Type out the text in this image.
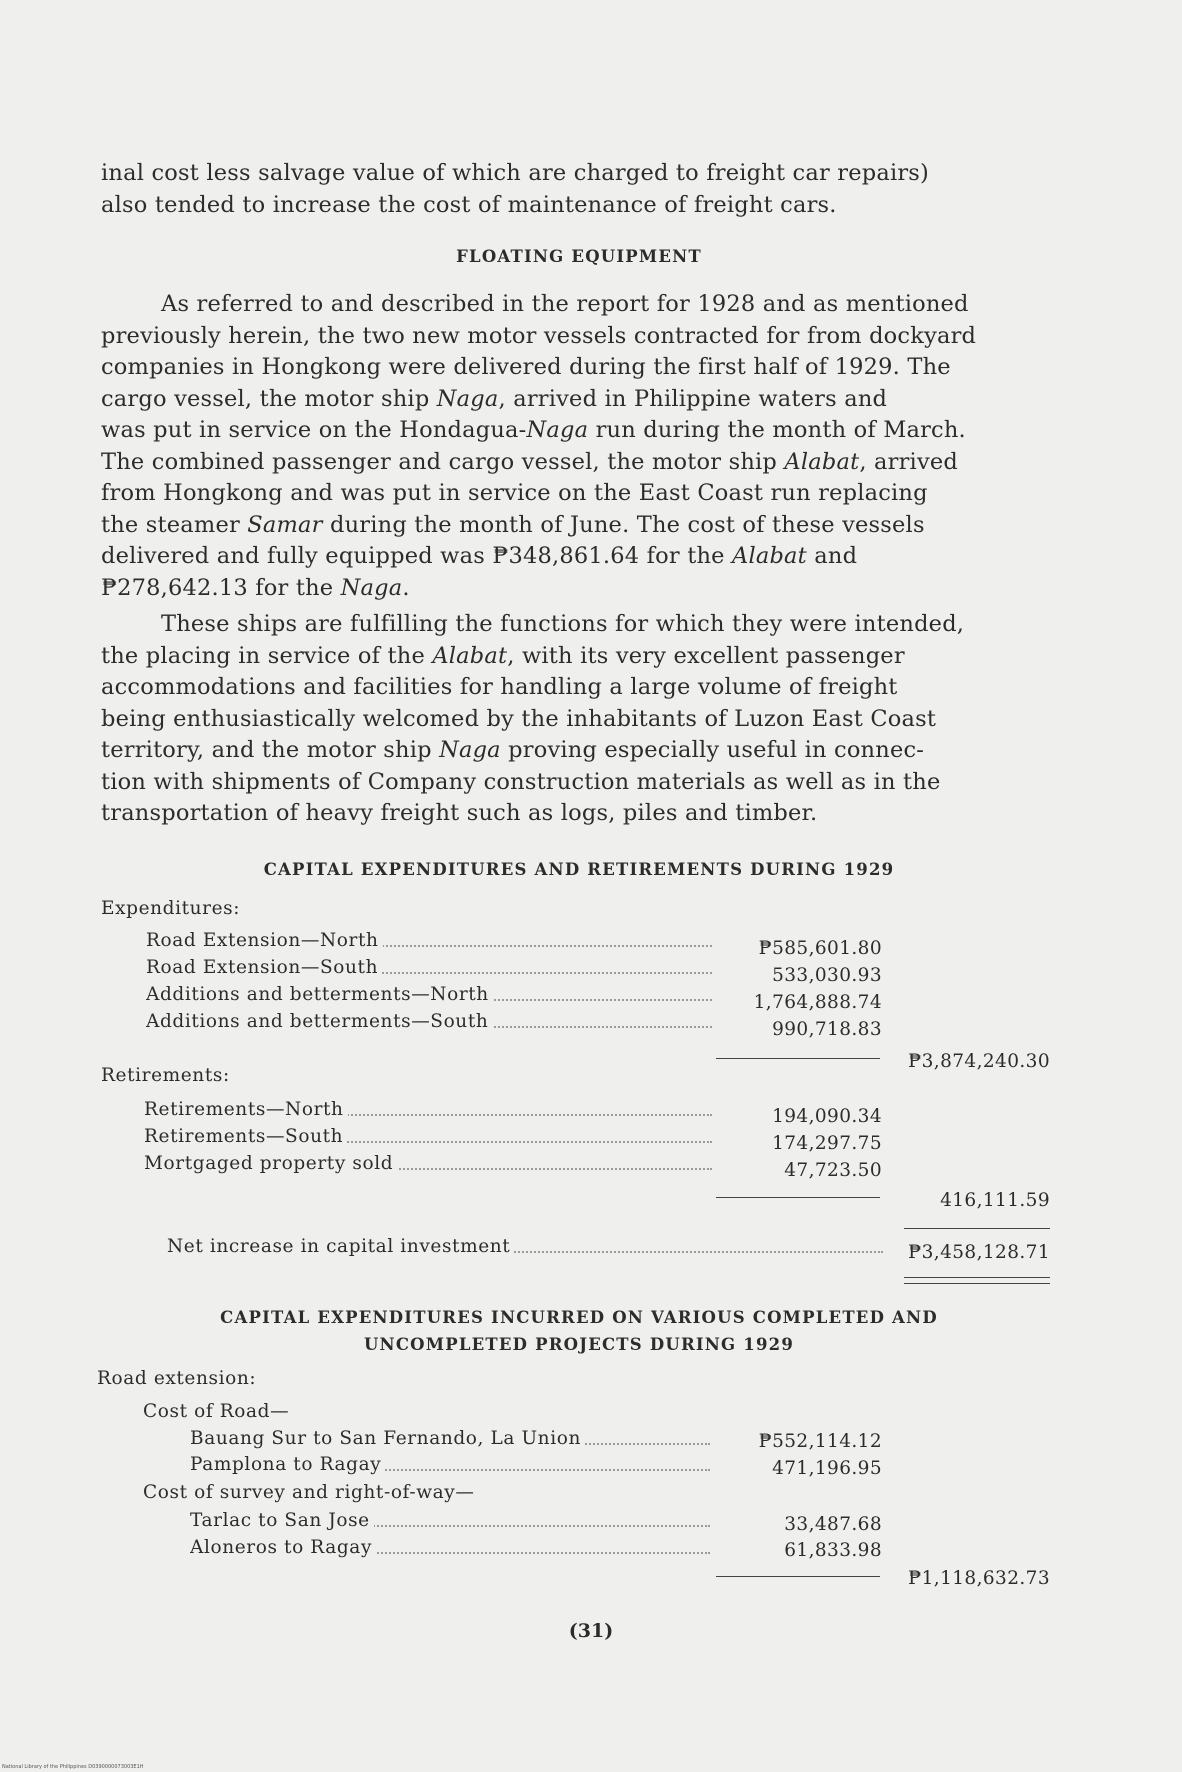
inal cost less salvage value of which are charged to freight car repairs)
also tended to increase the cost of maintenance of freight cars.
FLOATING EQUIPMENT
As referred to and described in the report for 1928 and as mentioned
previously herein, the two new motor vessels contracted for from dockyard
companies in Hongkong were delivered during the first half of 1929. The
cargo vessel, the motor ship Naga, arrived in Philippine waters and
was put in service on the Hondagua-Naga run during the month of March.
The combined passenger and cargo vessel, the motor ship Alabat, arrived
from Hongkong and was put in service on the East Coast run replacing
the steamer Samar during the month of June. The cost of these vessels
delivered and fully equipped was ₱348,861.64 for the Alabat and
₱278,642.13 for the Naga.
These ships are fulfilling the functions for which they were intended,
the placing in service of the Alabat, with its very excellent passenger
accommodations and facilities for handling a large volume of freight
being enthusiastically welcomed by the inhabitants of Luzon East Coast
territory, and the motor ship Naga proving especially useful in connec-
tion with shipments of Company construction materials as well as in the
transportation of heavy freight such as logs, piles and timber.
CAPITAL EXPENDITURES AND RETIREMENTS DURING 1929
Expenditures:
Road Extension—North	₱585,601.80
Road Extension—South	533,030.93
Additions and betterments—North	1,764,888.74
Additions and betterments—South	990,718.83
₱3,874,240.30
Retirements:
Retirements—North	194,090.34
Retirements—South	174,297.75
Mortgaged property sold	47,723.50
416,111.59
Net increase in capital investment	₱3,458,128.71
CAPITAL EXPENDITURES INCURRED ON VARIOUS COMPLETED AND
UNCOMPLETED PROJECTS DURING 1929
Road extension:
Cost of Road—
Bauang Sur to San Fernando, La Union	₱552,114.12
Pamplona to Ragay	471,196.95
Cost of survey and right-of-way—
Tarlac to San Jose	33,487.68
Aloneros to Ragay	61,833.98
₱1,118,632.73
(31)
National Library of the Philippines D0390000073003E1H
